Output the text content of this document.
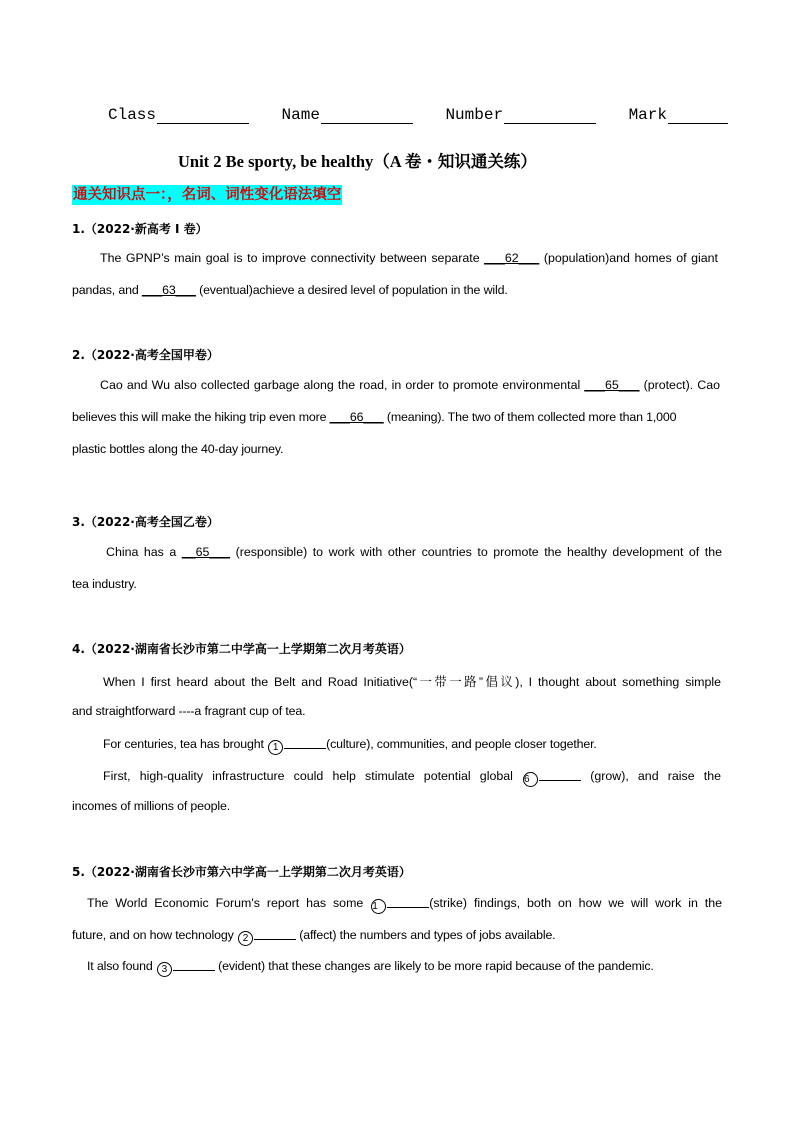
Class	Name	Number	Mark
Unit 2 Be sporty, be healthy（A 卷・知识通关练）
通关知识点一：，名词、词性变化语法填空
1.（2022·新高考 I 卷）
The GPNP’s main goal is to improve connectivity between separate ___62___ (population)and homes of giant
pandas, and ___63___ (eventual)achieve a desired level of population in the wild.
2.（2022·高考全国甲卷）
Cao and Wu also collected garbage along the road, in order to promote environmental ___65___ (protect). Cao
believes this will make the hiking trip even more ___66___ (meaning). The two of them collected more than 1,000
plastic bottles along the 40-day journey.
3.（2022·高考全国乙卷）
China has a __65___ (responsible) to work with other countries to promote the healthy development of the
tea industry.
4.（2022·湖南省长沙市第二中学高一上学期第二次月考英语）
When I first heard about the Belt and Road Initiative(“一带一路”倡议), I thought about something simple
and straightforward ----a fragrant cup of tea.
For centuries, tea has brought 1	(culture), communities, and people closer together.
First, high-quality infrastructure could help stimulate potential global 6	(grow), and raise the
incomes of millions of people.
5.（2022·湖南省长沙市第六中学高一上学期第二次月考英语）
The World Economic Forum's report has some 1	(strike) findings, both on how we will work in the
future, and on how technology 2	(affect) the numbers and types of jobs available.
It also found 3	(evident) that these changes are likely to be more rapid because of the pandemic.
